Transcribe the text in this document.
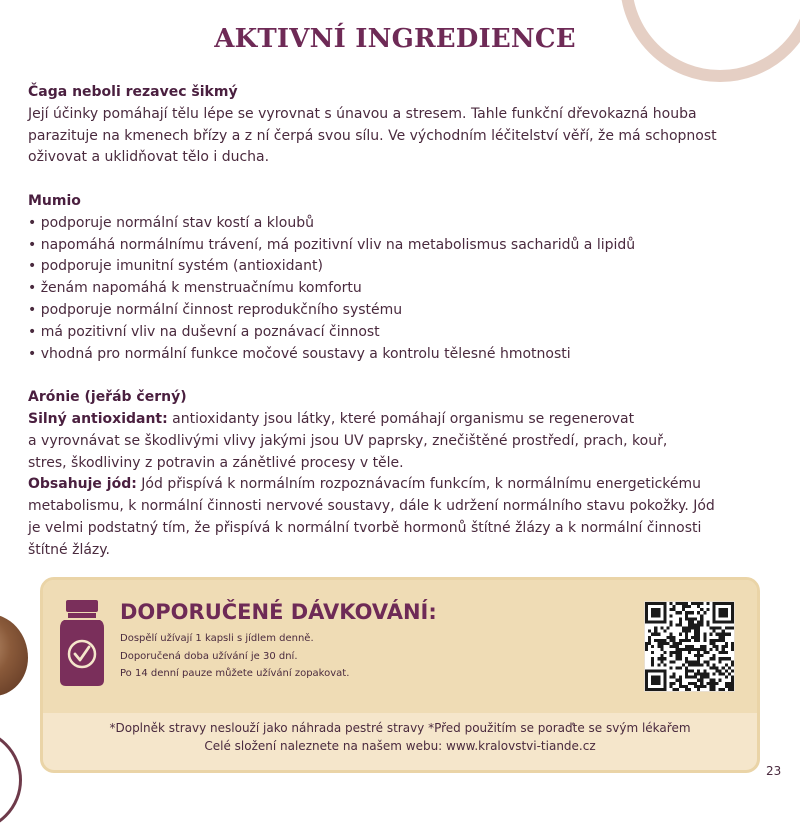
AKTIVNÍ INGREDIENCE

Čaga neboli rezavec šikmý

Její účinky pomáhají tělu lépe se vyrovnat s únavou a stresem. Tahle funkční dřevokazná houba

parazituje na kmenech břízy a z ní čerpá svou sílu. Ve východním léčitelství věří, že má schopnost

oživovat a uklidňovat tělo i ducha.

Mumio

• podporuje normální stav kostí a kloubů

• napomáhá normálnímu trávení, má pozitivní vliv na metabolismus sacharidů a lipidů

• podporuje imunitní systém (antioxidant)

• ženám napomáhá k menstruačnímu komfortu

• podporuje normální činnost reprodukčního systému

• má pozitivní vliv na duševní a poznávací činnost

• vhodná pro normální funkce močové soustavy a kontrolu tělesné hmotnosti

Arónie (jeřáb černý)

Silný antioxidant: antioxidanty jsou látky, které pomáhají organismu se regenerovat

a vyrovnávat se škodlivými vlivy jakými jsou UV paprsky, znečištěné prostředí, prach, kouř,

stres, škodliviny z potravin a zánětlivé procesy v těle.

Obsahuje jód: Jód přispívá k normálním rozpoznávacím funkcím, k normálnímu energetickému

metabolismu, k normální činnosti nervové soustavy, dále k udržení normálního stavu pokožky. Jód

je velmi podstatný tím, že přispívá k normální tvorbě hormonů štítné žlázy a k normální činnosti

štítné žlázy.

DOPORUČENÉ DÁVKOVÁNÍ:
Dospělí užívají 1 kapsli s jídlem denně.
Doporučená doba užívání je 30 dní.
Po 14 denní pauze můžete užívání zopakovat.
*Doplněk stravy neslouží jako náhrada pestré stravy *Před použitím se poraďte se svým lékařem
Celé složení naleznete na našem webu: www.kralovstvi-tiande.cz
23
